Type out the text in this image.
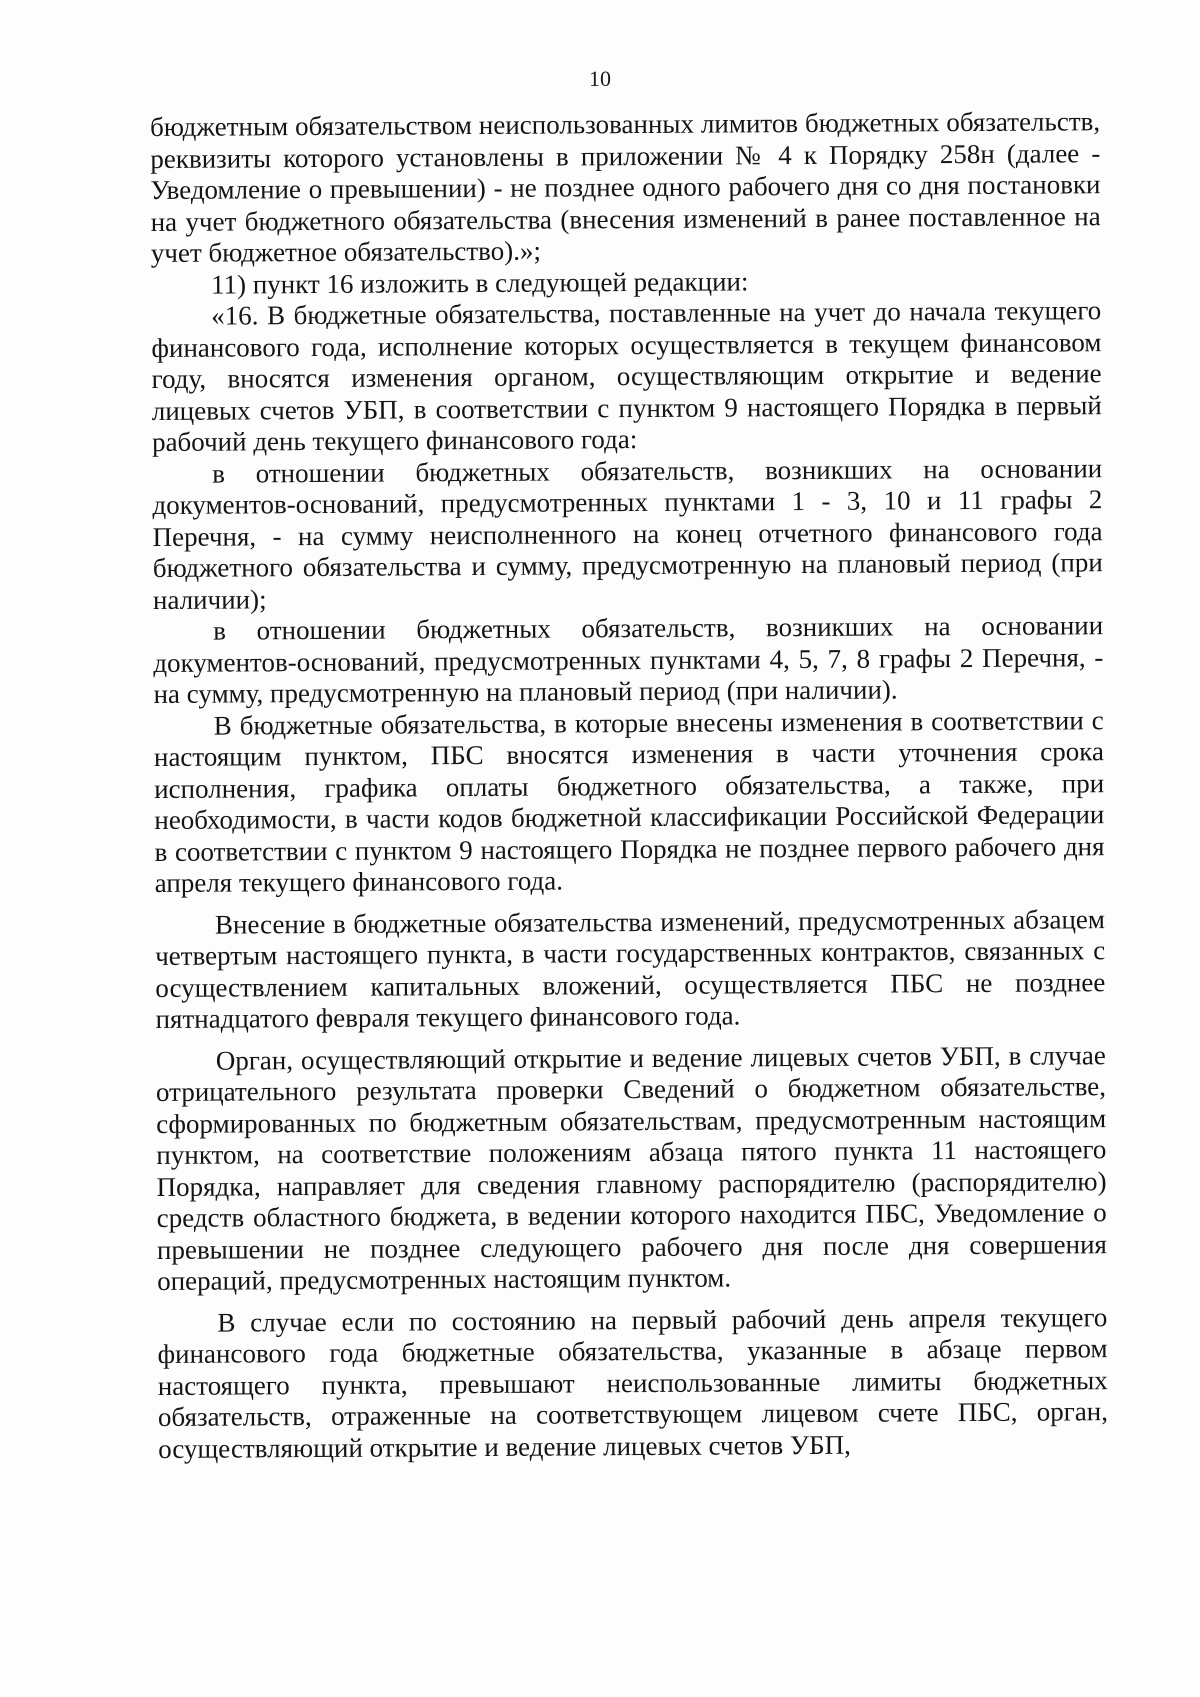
10

бюджетным обязательством неиспользованных лимитов бюджетных обязательств, реквизиты которого установлены в приложении № 4 к Порядку 258н (далее - Уведомление о превышении) - не позднее одного рабочего дня со дня постановки на учет бюджетного обязательства (внесения изменений в ранее поставленное на учет бюджетное обязательство).»;

11) пункт 16 изложить в следующей редакции:

«16. В бюджетные обязательства, поставленные на учет до начала текущего финансового года, исполнение которых осуществляется в текущем финансовом году, вносятся изменения органом, осуществляющим открытие и ведение лицевых счетов УБП, в соответствии с пунктом 9 настоящего Порядка в первый рабочий день текущего финансового года:

в отношении бюджетных обязательств, возникших на основании документов-оснований, предусмотренных пунктами 1 - 3, 10 и 11 графы 2 Перечня, - на сумму неисполненного на конец отчетного финансового года бюджетного обязательства и сумму, предусмотренную на плановый период (при наличии);

в отношении бюджетных обязательств, возникших на основании документов-оснований, предусмотренных пунктами 4, 5, 7, 8 графы 2 Перечня, - на сумму, предусмотренную на плановый период (при наличии).

В бюджетные обязательства, в которые внесены изменения в соответствии с настоящим пунктом, ПБС вносятся изменения в части уточнения срока исполнения, графика оплаты бюджетного обязательства, а также, при необходимости, в части кодов бюджетной классификации Российской Федерации в соответствии с пунктом 9 настоящего Порядка не позднее первого рабочего дня апреля текущего финансового года.

Внесение в бюджетные обязательства изменений, предусмотренных абзацем четвертым настоящего пункта, в части государственных контрактов, связанных с осуществлением капитальных вложений, осуществляется ПБС не позднее пятнадцатого февраля текущего финансового года.

Орган, осуществляющий открытие и ведение лицевых счетов УБП, в случае отрицательного результата проверки Сведений о бюджетном обязательстве, сформированных по бюджетным обязательствам, предусмотренным настоящим пунктом, на соответствие положениям абзаца пятого пункта 11 настоящего Порядка, направляет для сведения главному распорядителю (распорядителю) средств областного бюджета, в ведении которого находится ПБС, Уведомление о превышении не позднее следующего рабочего дня после дня совершения операций, предусмотренных настоящим пунктом.

В случае если по состоянию на первый рабочий день апреля текущего финансового года бюджетные обязательства, указанные в абзаце первом настоящего пункта, превышают неиспользованные лимиты бюджетных обязательств, отраженные на соответствующем лицевом счете ПБС, орган, осуществляющий открытие и ведение лицевых счетов УБП,
